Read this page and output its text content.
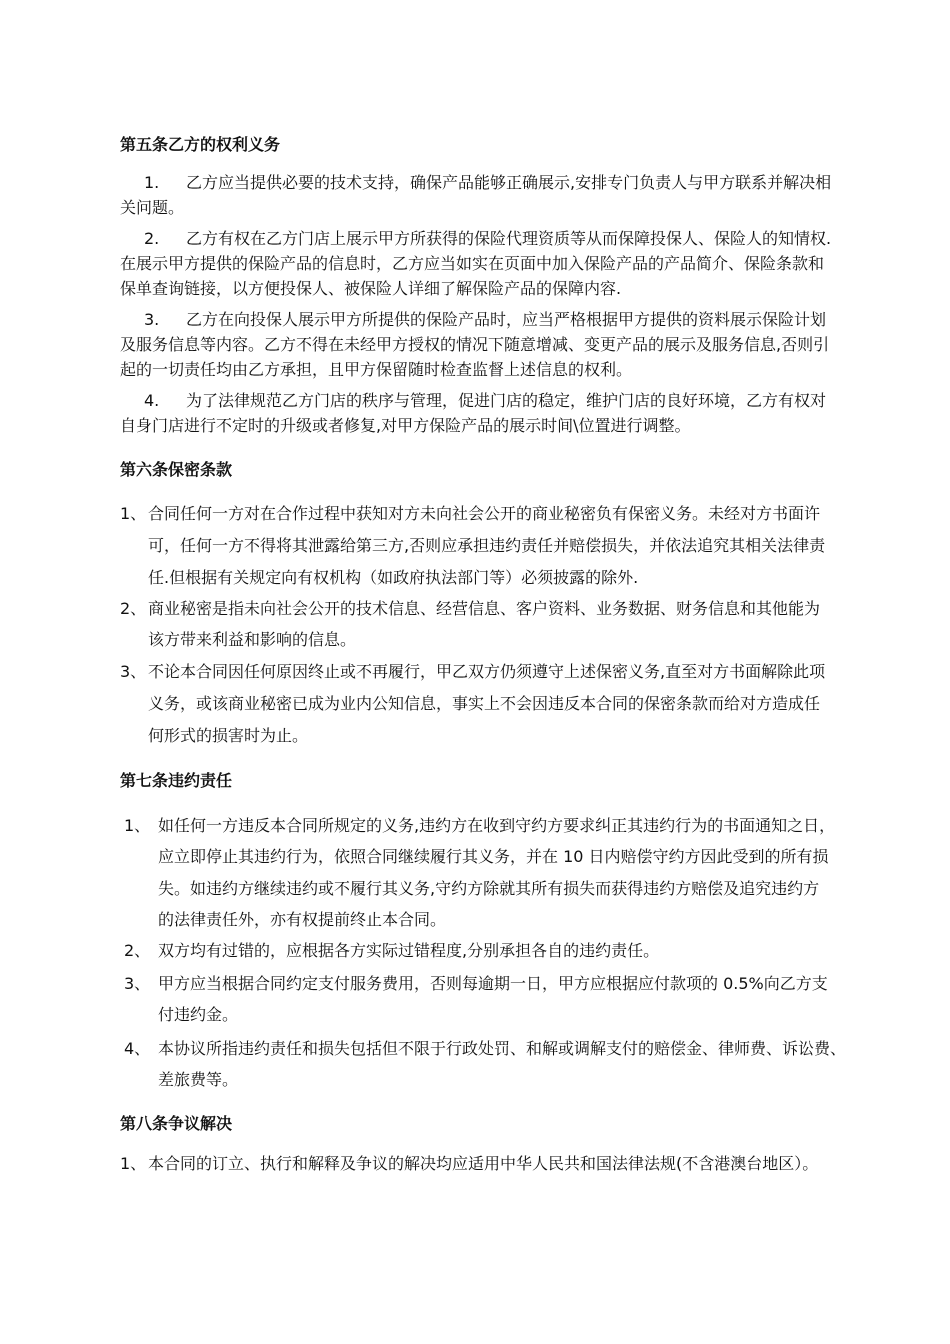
第五条乙方的权利义务
1. 乙方应当提供必要的技术支持，确保产品能够正确展示,安排专门负责人与甲方联系并解决相
关问题。
2. 乙方有权在乙方门店上展示甲方所获得的保险代理资质等从而保障投保人、保险人的知情权.
在展示甲方提供的保险产品的信息时，乙方应当如实在页面中加入保险产品的产品简介、保险条款和
保单查询链接，以方便投保人、被保险人详细了解保险产品的保障内容.
3. 乙方在向投保人展示甲方所提供的保险产品时，应当严格根据甲方提供的资料展示保险计划
及服务信息等内容。乙方不得在未经甲方授权的情况下随意增减、变更产品的展示及服务信息,否则引
起的一切责任均由乙方承担，且甲方保留随时检查监督上述信息的权利。
4. 为了法律规范乙方门店的秩序与管理，促进门店的稳定，维护门店的良好环境，乙方有权对
自身门店进行不定时的升级或者修复,对甲方保险产品的展示时间\位置进行调整。
第六条保密条款
1、 合同任何一方对在合作过程中获知对方未向社会公开的商业秘密负有保密义务。未经对方书面许
可，任何一方不得将其泄露给第三方,否则应承担违约责任并赔偿损失，并依法追究其相关法律责
任.但根据有关规定向有权机构（如政府执法部门等）必须披露的除外.
2、 商业秘密是指未向社会公开的技术信息、经营信息、客户资料、业务数据、财务信息和其他能为
该方带来利益和影响的信息。
3、 不论本合同因任何原因终止或不再履行，甲乙双方仍须遵守上述保密义务,直至对方书面解除此项
义务，或该商业秘密已成为业内公知信息，事实上不会因违反本合同的保密条款而给对方造成任
何形式的损害时为止。
第七条违约责任
1、 如任何一方违反本合同所规定的义务,违约方在收到守约方要求纠正其违约行为的书面通知之日，
应立即停止其违约行为，依照合同继续履行其义务，并在 10 日内赔偿守约方因此受到的所有损
失。如违约方继续违约或不履行其义务,守约方除就其所有损失而获得违约方赔偿及追究违约方
的法律责任外，亦有权提前终止本合同。
2、 双方均有过错的，应根据各方实际过错程度,分别承担各自的违约责任。
3、 甲方应当根据合同约定支付服务费用，否则每逾期一日，甲方应根据应付款项的 0.5%向乙方支
付违约金。
4、 本协议所指违约责任和损失包括但不限于行政处罚、和解或调解支付的赔偿金、律师费、诉讼费、
差旅费等。
第八条争议解决
1、 本合同的订立、执行和解释及争议的解决均应适用中华人民共和国法律法规(不含港澳台地区）。
